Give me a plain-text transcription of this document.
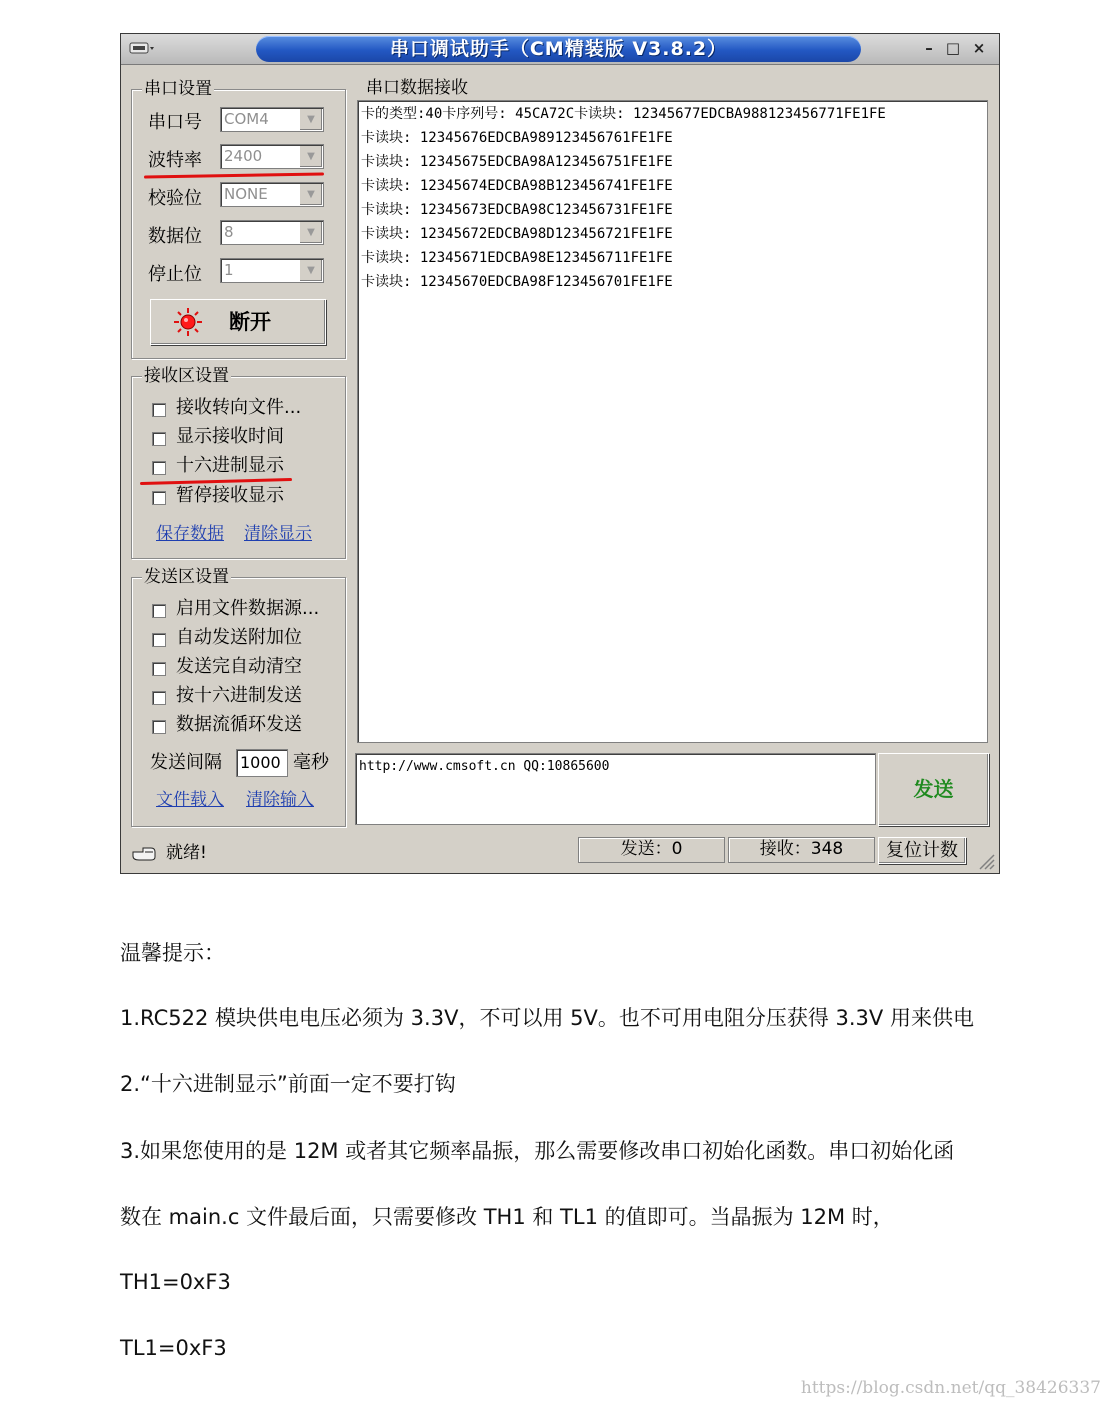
串口调试助手（CM精装版 V3.8.2）	– □ ×
串口设置
串口号 COM4	▼
波特率 2400	▼
校验位 NONE	▼
数据位 8	▼
停止位 1	▼
断开
接收区设置
接收转向文件...
显示接收时间
十六进制显示
暂停接收显示
保存数据 清除显示
发送区设置
启用文件数据源...
自动发送附加位
发送完自动清空
按十六进制发送
数据流循环发送
发送间隔 1000 毫秒
文件载入 清除输入
串口数据接收
卡的类型:40卡序列号: 45CA72C卡读块: 12345677EDCBA988123456771FE1FE
卡读块: 12345676EDCBA989123456761FE1FE
卡读块: 12345675EDCBA98A123456751FE1FE
卡读块: 12345674EDCBA98B123456741FE1FE
卡读块: 12345673EDCBA98C123456731FE1FE
卡读块: 12345672EDCBA98D123456721FE1FE
卡读块: 12345671EDCBA98E123456711FE1FE
卡读块: 12345670EDCBA98F123456701FE1FE
http://www.cmsoft.cn QQ:10865600
发送
就绪!	发送：0	接收：348	复位计数
温馨提示：
1.RC522 模块供电电压必须为 3.3V，不可以用 5V。也不可用电阻分压获得 3.3V 用来供电
2.“十六进制显示”前面一定不要打钩
3.如果您使用的是 12M 或者其它频率晶振，那么需要修改串口初始化函数。串口初始化函
数在 main.c 文件最后面，只需要修改 TH1 和 TL1 的值即可。当晶振为 12M 时，
TH1=0xF3
TL1=0xF3
https://blog.csdn.net/qq_38426337
